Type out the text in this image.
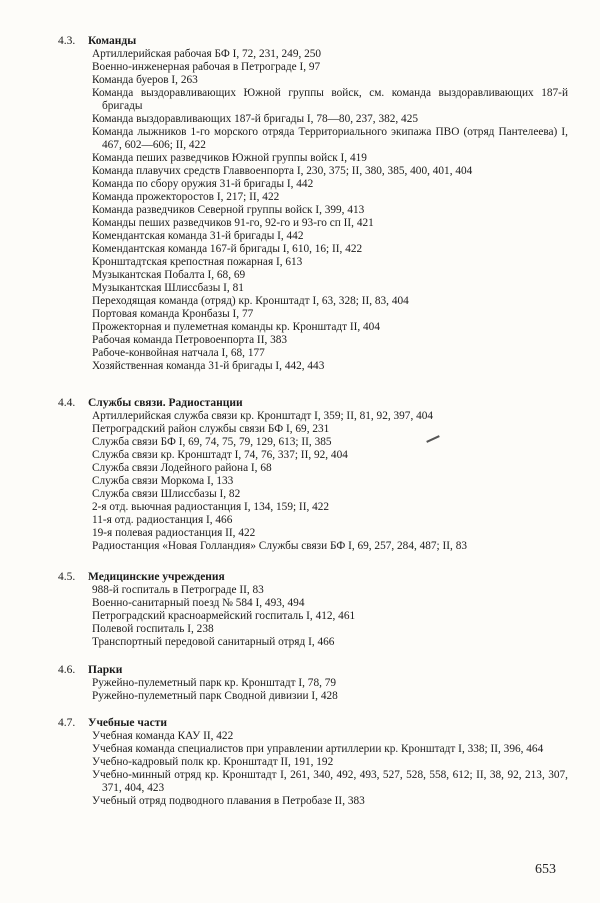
4.3. Команды
Артиллерийская рабочая БФ I, 72, 231, 249, 250
Военно-инженерная рабочая в Петрограде I, 97
Команда буеров I, 263
Команда выздоравливающих Южной группы войск, см. команда выздоравливающих 187-й бригады
Команда выздоравливающих 187-й бригады I, 78—80, 237, 382, 425
Команда лыжников 1-го морского отряда Территориального экипажа ПВО (отряд Пантелеева) I, 467, 602—606; II, 422
Команда пеших разведчиков Южной группы войск I, 419
Команда плавучих средств Главвоенпорта I, 230, 375; II, 380, 385, 400, 401, 404
Команда по сбору оружия 31-й бригады I, 442
Команда прожекторостов I, 217; II, 422
Команда разведчиков Северной группы войск I, 399, 413
Команды пеших разведчиков 91-го, 92-го и 93-го сп II, 421
Комендантская команда 31-й бригады I, 442
Комендантская команда 167-й бригады I, 610, 16; II, 422
Кронштадтская крепостная пожарная I, 613
Музыкантская Побалта I, 68, 69
Музыкантская Шлиссбазы I, 81
Переходящая команда (отряд) кр. Кронштадт I, 63, 328; II, 83, 404
Портовая команда Кронбазы I, 77
Прожекторная и пулеметная команды кр. Кронштадт II, 404
Рабочая команда Петровоенпорта II, 383
Рабоче-конвойная натчала I, 68, 177
Хозяйственная команда 31-й бригады I, 442, 443
4.4. Службы связи. Радиостанции
Артиллерийская служба связи кр. Кронштадт I, 359; II, 81, 92, 397, 404
Петроградский район службы связи БФ I, 69, 231
Служба связи БФ I, 69, 74, 75, 79, 129, 613; II, 385
Служба связи кр. Кронштадт I, 74, 76, 337; II, 92, 404
Служба связи Лодейного района I, 68
Служба связи Моркома I, 133
Служба связи Шлиссбазы I, 82
2-я отд. вьючная радиостанция I, 134, 159; II, 422
11-я отд. радиостанция I, 466
19-я полевая радиостанция II, 422
Радиостанция «Новая Голландия» Службы связи БФ I, 69, 257, 284, 487; II, 83
4.5. Медицинские учреждения
988-й госпиталь в Петрограде II, 83
Военно-санитарный поезд № 584 I, 493, 494
Петроградский красноармейский госпиталь I, 412, 461
Полевой госпиталь I, 238
Транспортный передовой санитарный отряд I, 466
4.6. Парки
Ружейно-пулеметный парк кр. Кронштадт I, 78, 79
Ружейно-пулеметный парк Сводной дивизии I, 428
4.7. Учебные части
Учебная команда КАУ II, 422
Учебная команда специалистов при управлении артиллерии кр. Кронштадт I, 338; II, 396, 464
Учебно-кадровый полк кр. Кронштадт II, 191, 192
Учебно-минный отряд кр. Кронштадт I, 261, 340, 492, 493, 527, 528, 558, 612; II, 38, 92, 213, 307, 371, 404, 423
Учебный отряд подводного плавания в Петробазе II, 383
653
